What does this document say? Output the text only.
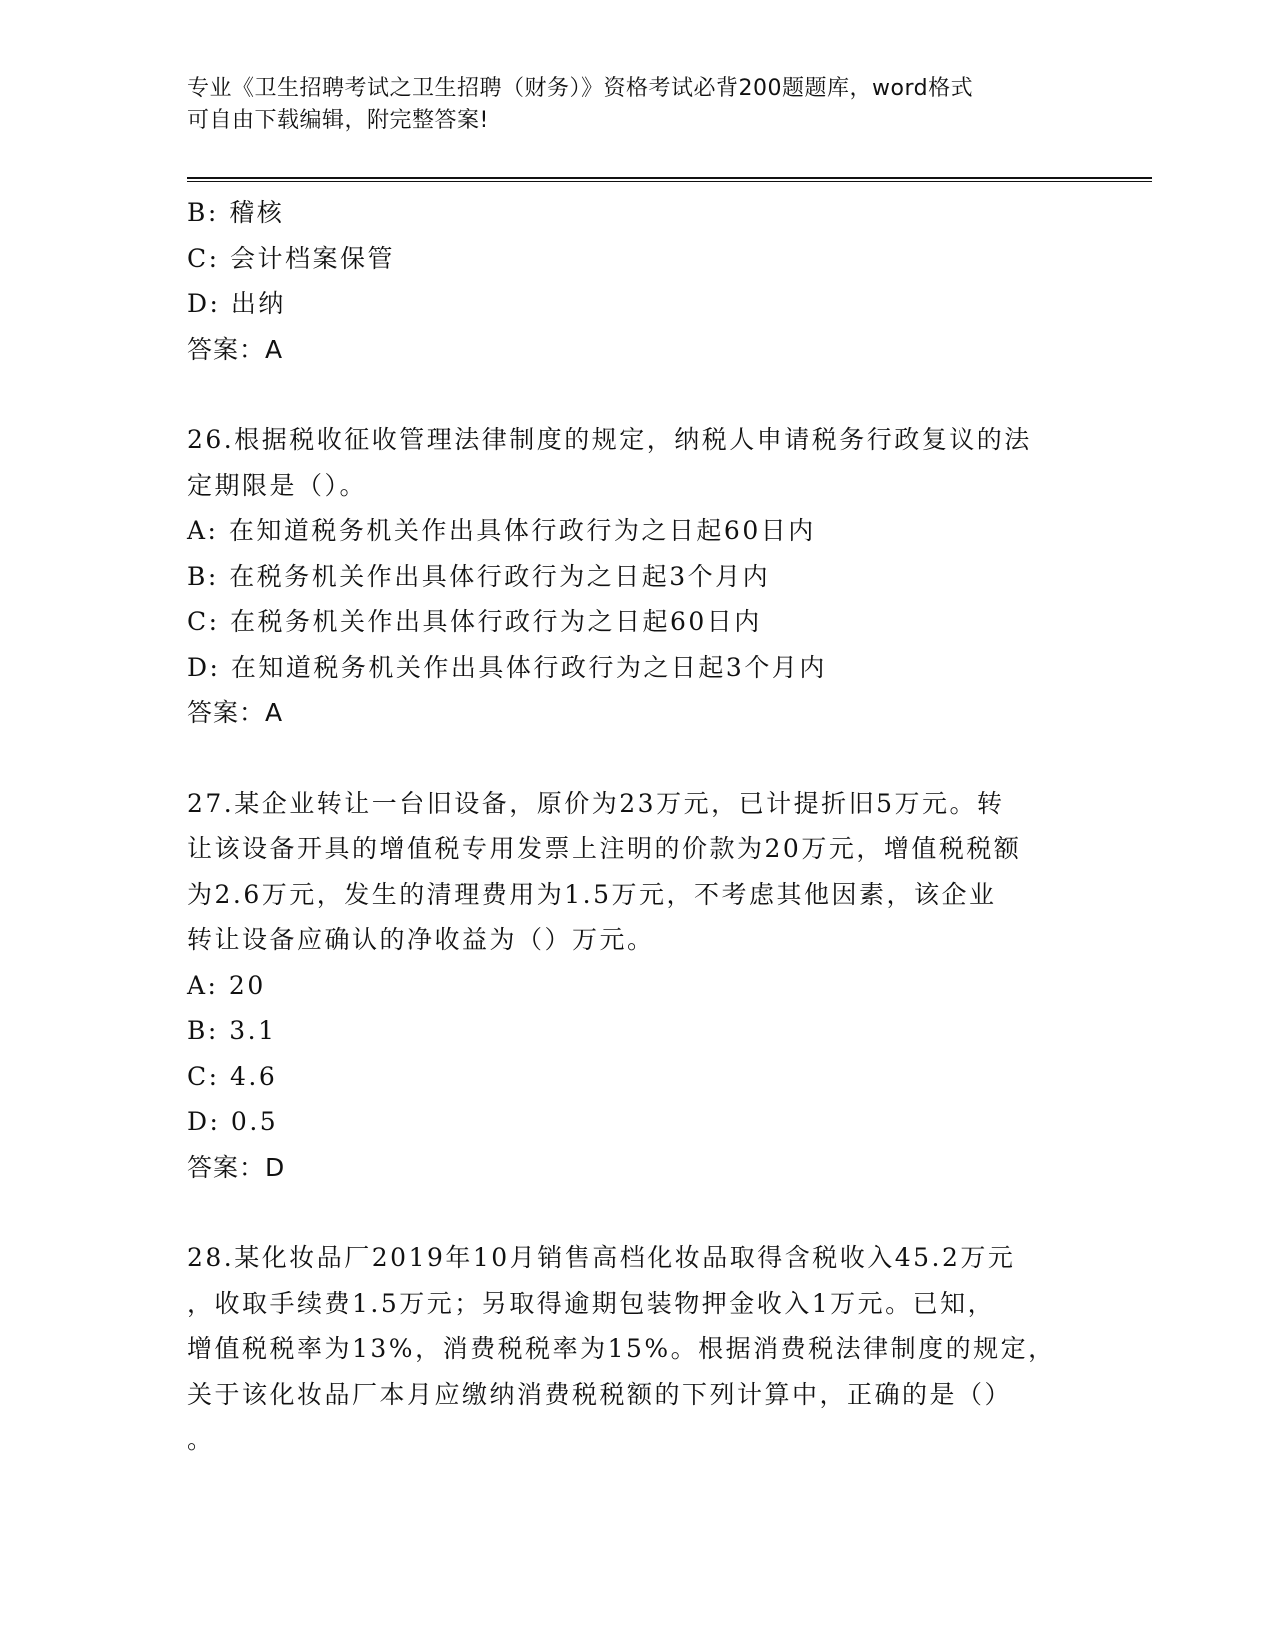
专业《卫生招聘考试之卫生招聘（财务）》资格考试必背200题题库，word格式
可自由下载编辑，附完整答案!
B: 稽核
C: 会计档案保管
D: 出纳
答案：A
26.根据税收征收管理法律制度的规定，纳税人申请税务行政复议的法
定期限是（）。
A: 在知道税务机关作出具体行政行为之日起60日内
B: 在税务机关作出具体行政行为之日起3个月内
C: 在税务机关作出具体行政行为之日起60日内
D: 在知道税务机关作出具体行政行为之日起3个月内
答案：A
27.某企业转让一台旧设备，原价为23万元，已计提折旧5万元。转
让该设备开具的增值税专用发票上注明的价款为20万元，增值税税额
为2.6万元，发生的清理费用为1.5万元，不考虑其他因素，该企业
转让设备应确认的净收益为（）万元。
A: 20
B: 3.1
C: 4.6
D: 0.5
答案：D
28.某化妆品厂2019年10月销售高档化妆品取得含税收入45.2万元
，收取手续费1.5万元；另取得逾期包装物押金收入1万元。已知，
增值税税率为13%，消费税税率为15%。根据消费税法律制度的规定，
关于该化妆品厂本月应缴纳消费税税额的下列计算中，正确的是（）
。
